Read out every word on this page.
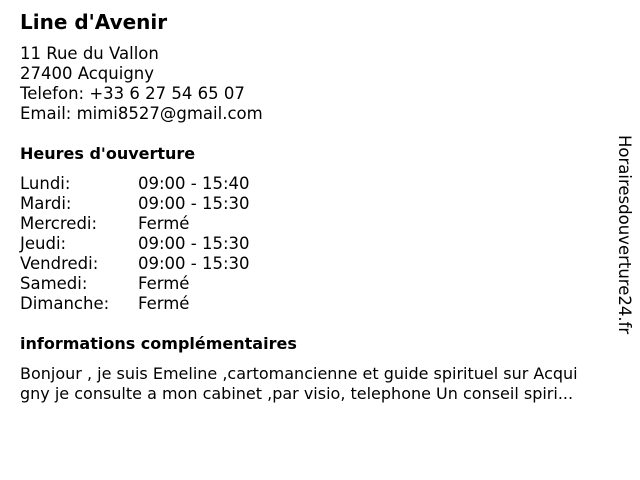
Line d'Avenir
11 Rue du Vallon
27400 Acquigny
Telefon: +33 6 27 54 65 07
Email: mimi8527@gmail.com
Heures d'ouverture
Lundi:	09:00 - 15:40
Mardi:	09:00 - 15:30
Mercredi: Fermé
Jeudi:	09:00 - 15:30
Vendredi: 09:00 - 15:30
Samedi:	Fermé
Dimanche: Fermé
informations complémentaires
Bonjour , je suis Emeline ,cartomancienne et guide spirituel sur Acqui
gny je consulte a mon cabinet ,par visio, telephone Un conseil spiri...
Horairesdouverture24.fr
